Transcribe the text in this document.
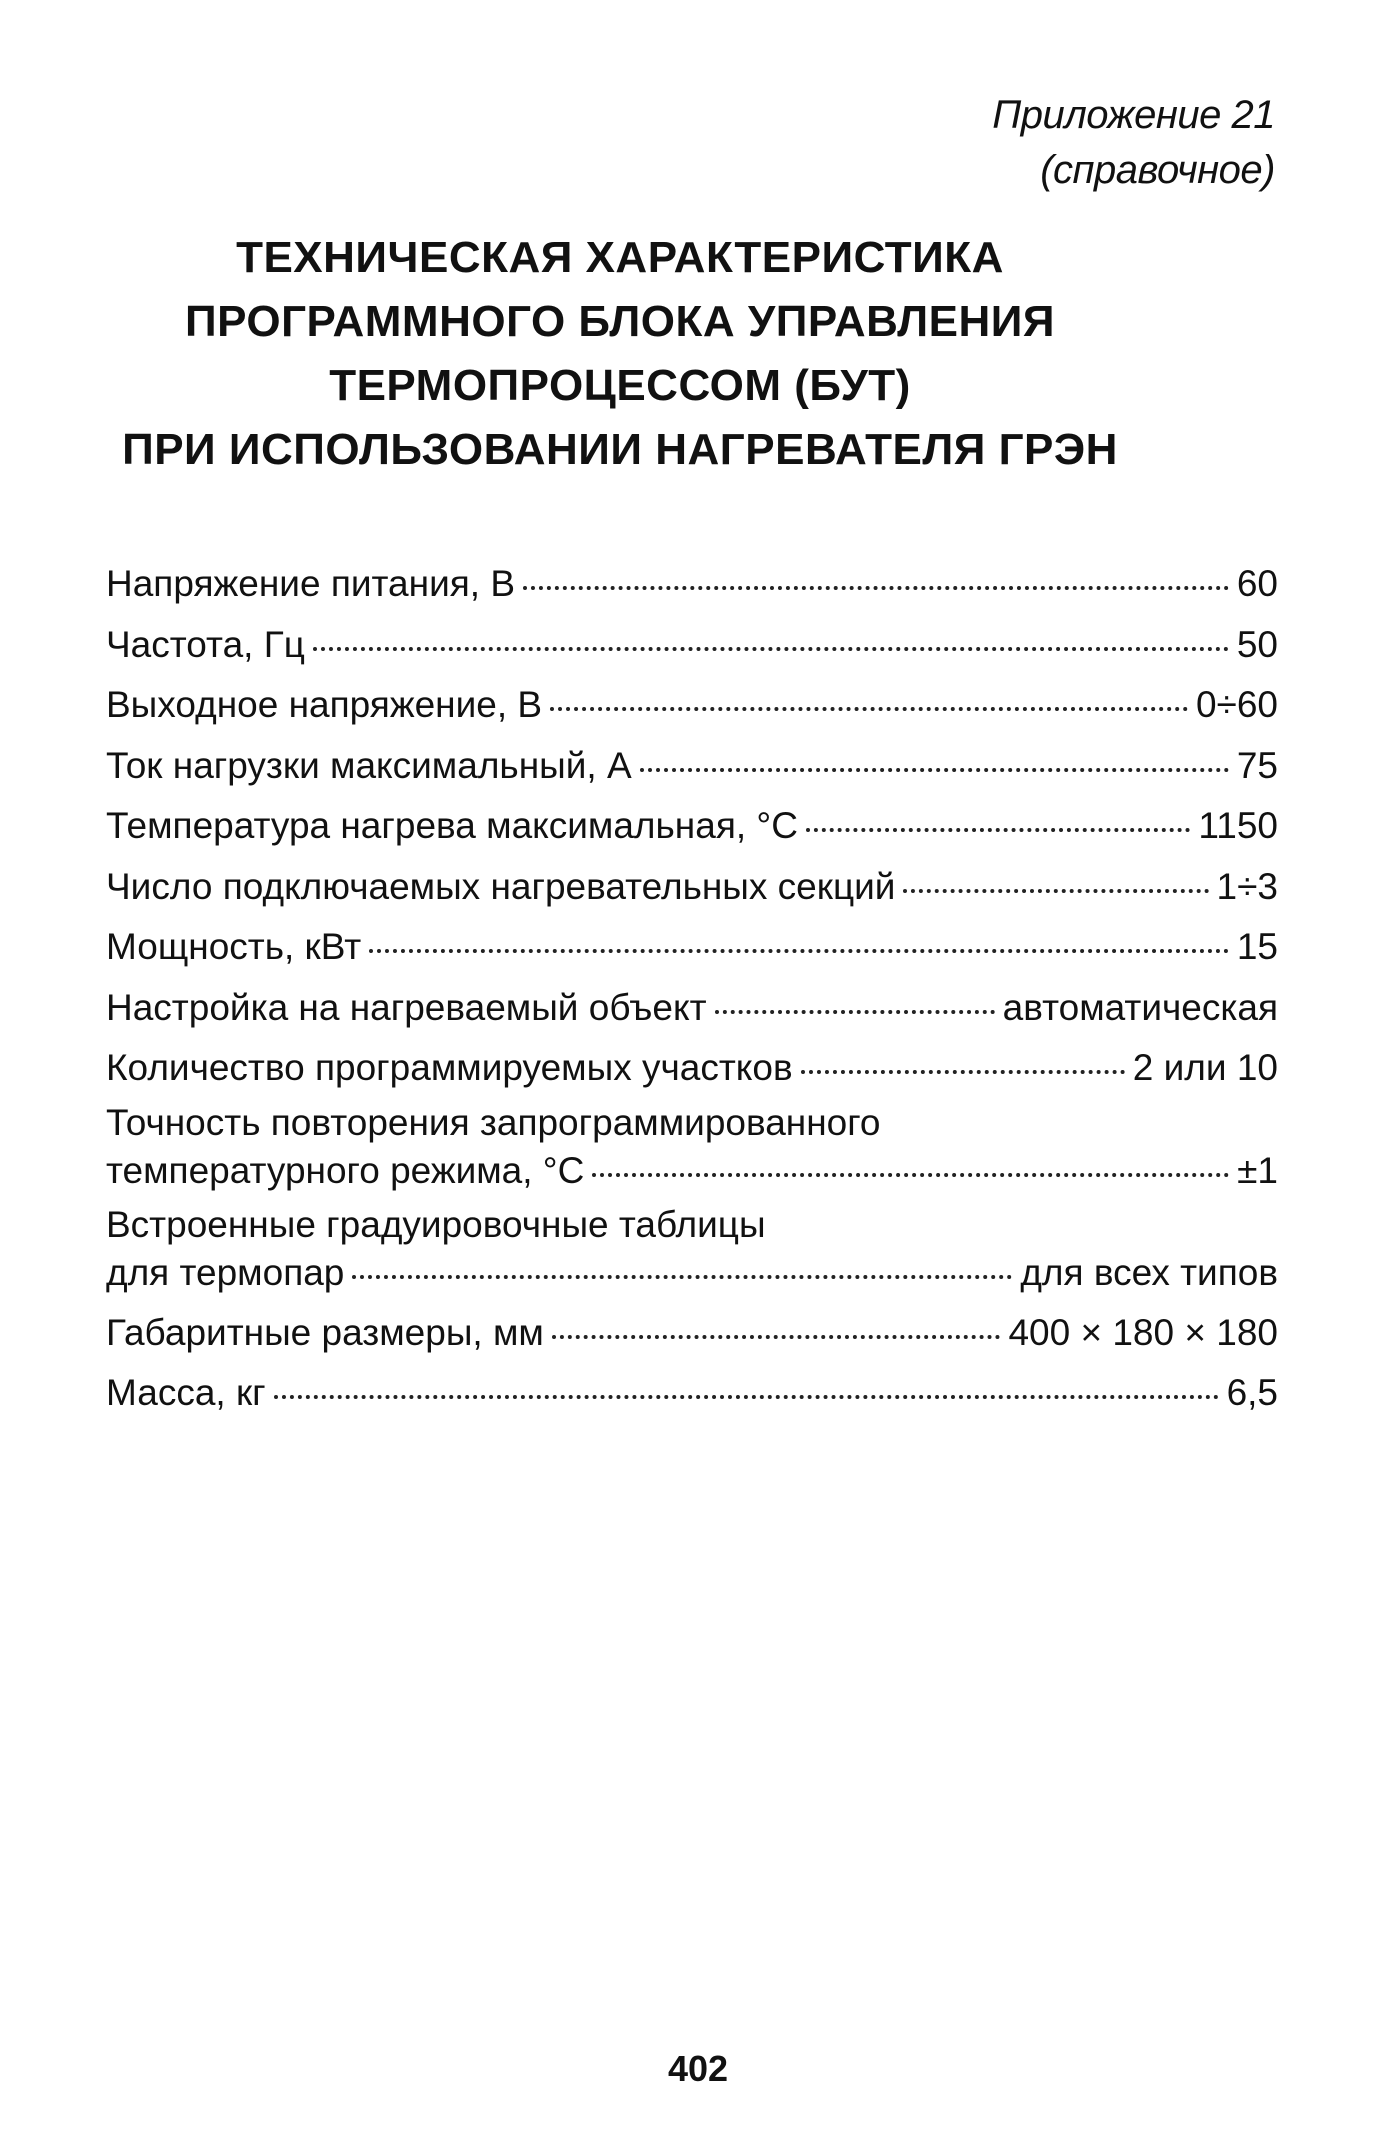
Приложение 21
(справочное)
ТЕХНИЧЕСКАЯ ХАРАКТЕРИСТИКА
ПРОГРАММНОГО БЛОКА УПРАВЛЕНИЯ
ТЕРМОПРОЦЕССОМ (БУТ)
ПРИ ИСПОЛЬЗОВАНИИ НАГРЕВАТЕЛЯ ГРЭН
Напряжение питания, В	60
Частота, Гц	50
Выходное напряжение, В	0÷60
Ток нагрузки максимальный, А	75
Температура нагрева максимальная, °С	1150
Число подключаемых нагревательных секций	1÷3
Мощность, кВт	15
Настройка на нагреваемый объект	автоматическая
Количество программируемых участков	2 или 10
Точность повторения запрограммированного
температурного режима, °С	±1
Встроенные градуировочные таблицы
для термопар	для всех типов
Габаритные размеры, мм	400 × 180 × 180
Масса, кг	6,5
402
